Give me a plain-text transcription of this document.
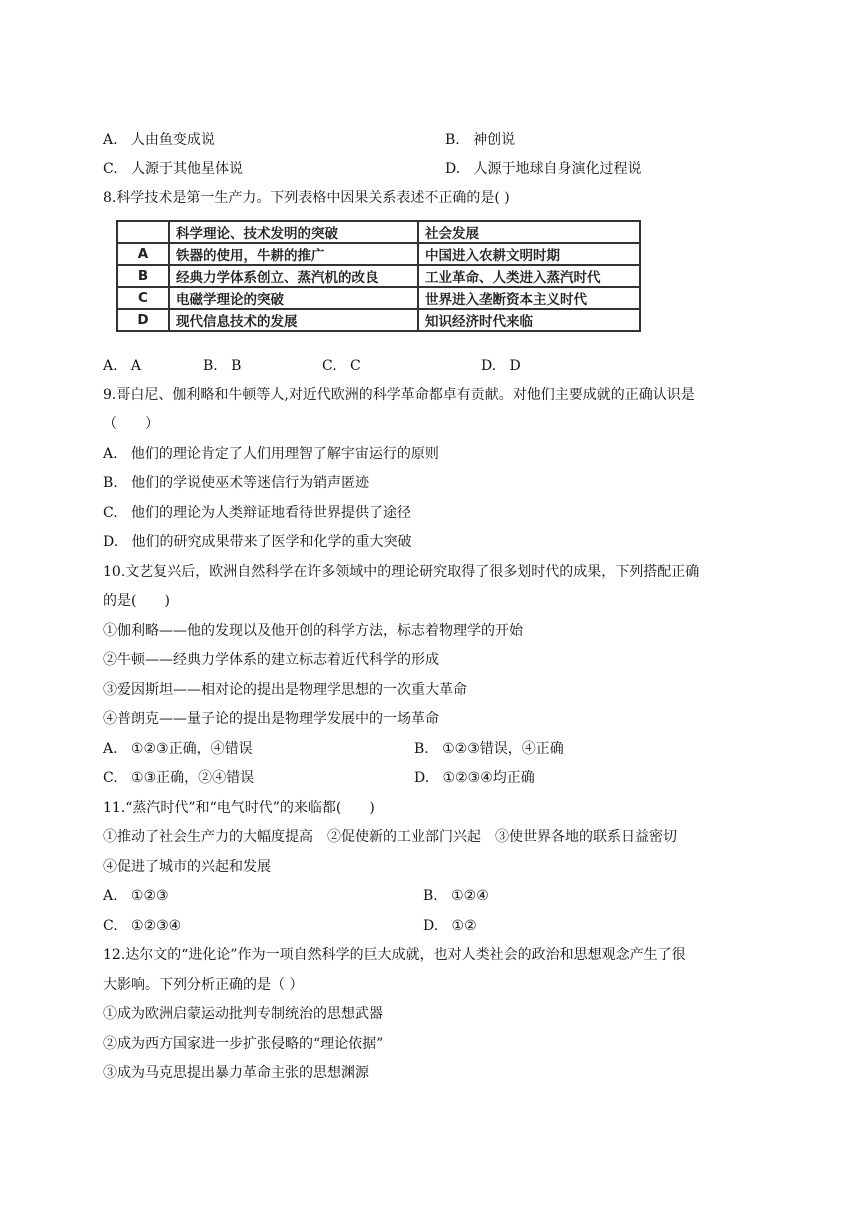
A. 人由鱼变成说	B. 神创说
C. 人源于其他星体说	D. 人源于地球自身演化过程说
8.科学技术是第一生产力。下列表格中因果关系表述不正确的是( )
	科学理论、技术发明的突破	社会发展
A	铁器的使用，牛耕的推广	中国进入农耕文明时期
B	经典力学体系创立、蒸汽机的改良	工业革命、人类进入蒸汽时代
C	电磁学理论的突破	世界进入垄断资本主义时代
D	现代信息技术的发展	知识经济时代来临
A. A	B. B	C. C	D. D
9.哥白尼、伽利略和牛顿等人,对近代欧洲的科学革命都卓有贡献。对他们主要成就的正确认识是
（　　）
A. 他们的理论肯定了人们用理智了解宇宙运行的原则
B. 他们的学说使巫术等迷信行为销声匿迹
C. 他们的理论为人类辩证地看待世界提供了途径
D. 他们的研究成果带来了医学和化学的重大突破
10.文艺复兴后，欧洲自然科学在许多领域中的理论研究取得了很多划时代的成果，下列搭配正确
的是(　　)
①伽利略——他的发现以及他开创的科学方法，标志着物理学的开始
②牛顿——经典力学体系的建立标志着近代科学的形成
③爱因斯坦——相对论的提出是物理学思想的一次重大革命
④普朗克——量子论的提出是物理学发展中的一场革命
A. ①②③正确，④错误	B. ①②③错误，④正确
C. ①③正确，②④错误	D. ①②③④均正确
11.“蒸汽时代”和“电气时代”的来临都(　　)
①推动了社会生产力的大幅度提高　②促使新的工业部门兴起　③使世界各地的联系日益密切
④促进了城市的兴起和发展
A. ①②③	B. ①②④
C. ①②③④	D. ①②
12.达尔文的“进化论”作为一项自然科学的巨大成就，也对人类社会的政治和思想观念产生了很
大影响。下列分析正确的是（ ）
①成为欧洲启蒙运动批判专制统治的思想武器
②成为西方国家进一步扩张侵略的“理论依据”
③成为马克思提出暴力革命主张的思想渊源
